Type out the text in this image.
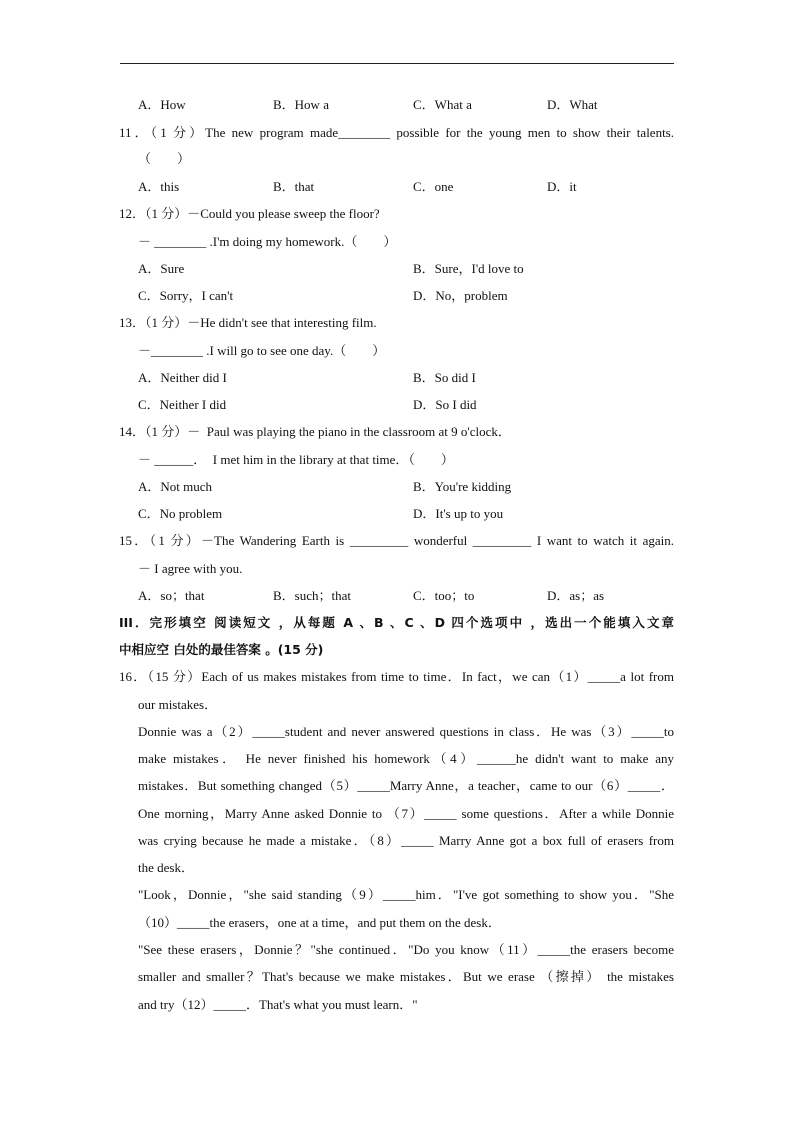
A．How	B．How a	C．What a	D．What
11．（1 分）The new program made________ possible for the young men to show their talents.
（　　）
A．this	B．that	C．one	D．it
12．（1 分）－Could you please sweep the floor?
－ ________ .I'm doing my homework.（　　）
A．Sure	B．Sure，I'd love to
C．Sorry，I can't	D．No，problem
13．（1 分）－He didn't see that interesting film.
－________ .I will go to see one day.（　　）
A．Neither did I	B．So did I
C．Neither I did	D．So I did
14．（1 分）－  Paul was playing the piano in the classroom at 9 o'clock．
－ ______．  I met him in the library at that time．（　　）
A．Not much	B．You're kidding
C．No problem	D．It's up to you
15．（1 分）－The Wandering Earth is _________ wonderful _________ I want to watch it again.
－ I agree with you.
A．so；that	B．such；that	C．too；to	D．as；as
III．完形填空 阅读短文 ，从每题 A 、B 、C 、D 四个选项中 ，选出一个能填入文章
中相应空 白处的最佳答案 。(15 分)
16．（15 分）Each of us makes mistakes from time to time．In fact，we can（1）_____a lot from
our mistakes．
Donnie was a（2）_____student and never answered questions in class．He was（3）_____to
make mistakes． He never finished his homework（4）______he didn't want to make any
mistakes．But something changed（5）_____Marry Anne，a teacher，came to our（6）_____．
One morning，Marry Anne asked Donnie to （7）_____ some questions．After a while Donnie
was crying because he made a mistake．（8）_____ Marry Anne got a box full of erasers from
the desk．
"Look，Donnie，"she said standing（9）_____him．"I've got something to show you．"She
（10）_____the erasers，one at a time，and put them on the desk．
"See these erasers，Donnie？"she continued．"Do you know（11）_____the erasers become
smaller and smaller？That's because we make mistakes．But we erase （擦掉） the mistakes
and try（12）_____．That's what you must learn．"
